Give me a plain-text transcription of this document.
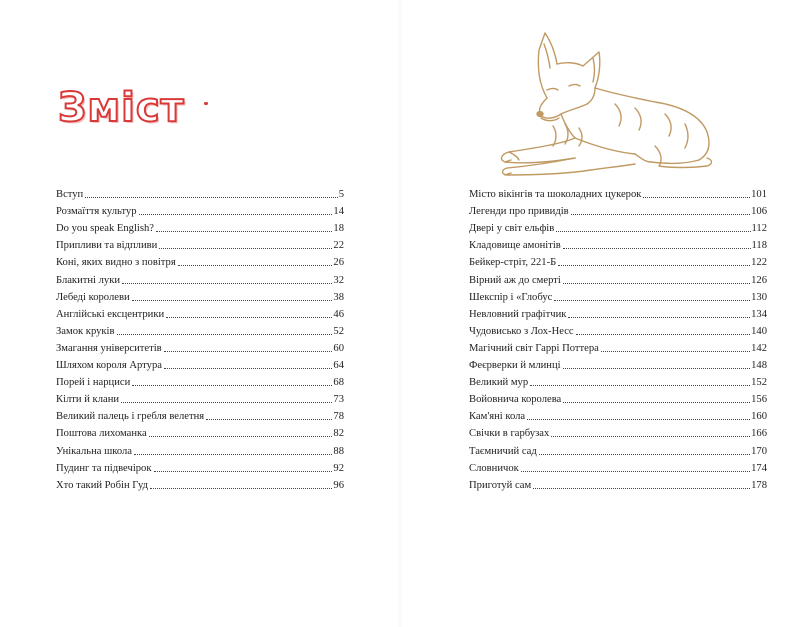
Зміст
Вступ	5
Розмаїття культур	14
Do you speak English?	18
Припливи та відпливи	22
Коні, яких видно з повітря	26
Блакитні луки	32
Лебеді королеви	38
Англійські ексцентрики	46
Замок круків	52
Змагання університетів	60
Шляхом короля Артура	64
Порей і нарциси	68
Кілти й клани	73
Великий палець і гребля велетня	78
Поштова лихоманка	82
Унікальна школа	88
Пудинг та підвечірок	92
Хто такий Робін Гуд	96
Місто вікінгів та шоколадних цукерок	101
Легенди про привидів	106
Двері у світ ельфів	112
Кладовище амонітів	118
Бейкер-стріт, 221-Б	122
Вірний аж до смерті	126
Шекспір і «Глобус	130
Невловний графітчик	134
Чудовисько з Лох-Несс	140
Магічний світ Гаррі Поттера	142
Феєрверки й млинці	148
Великий мур	152
Войовнича королева	156
Кам'яні кола	160
Свічки в гарбузах	166
Таємничий сад	170
Словничок	174
Приготуй сам	178
